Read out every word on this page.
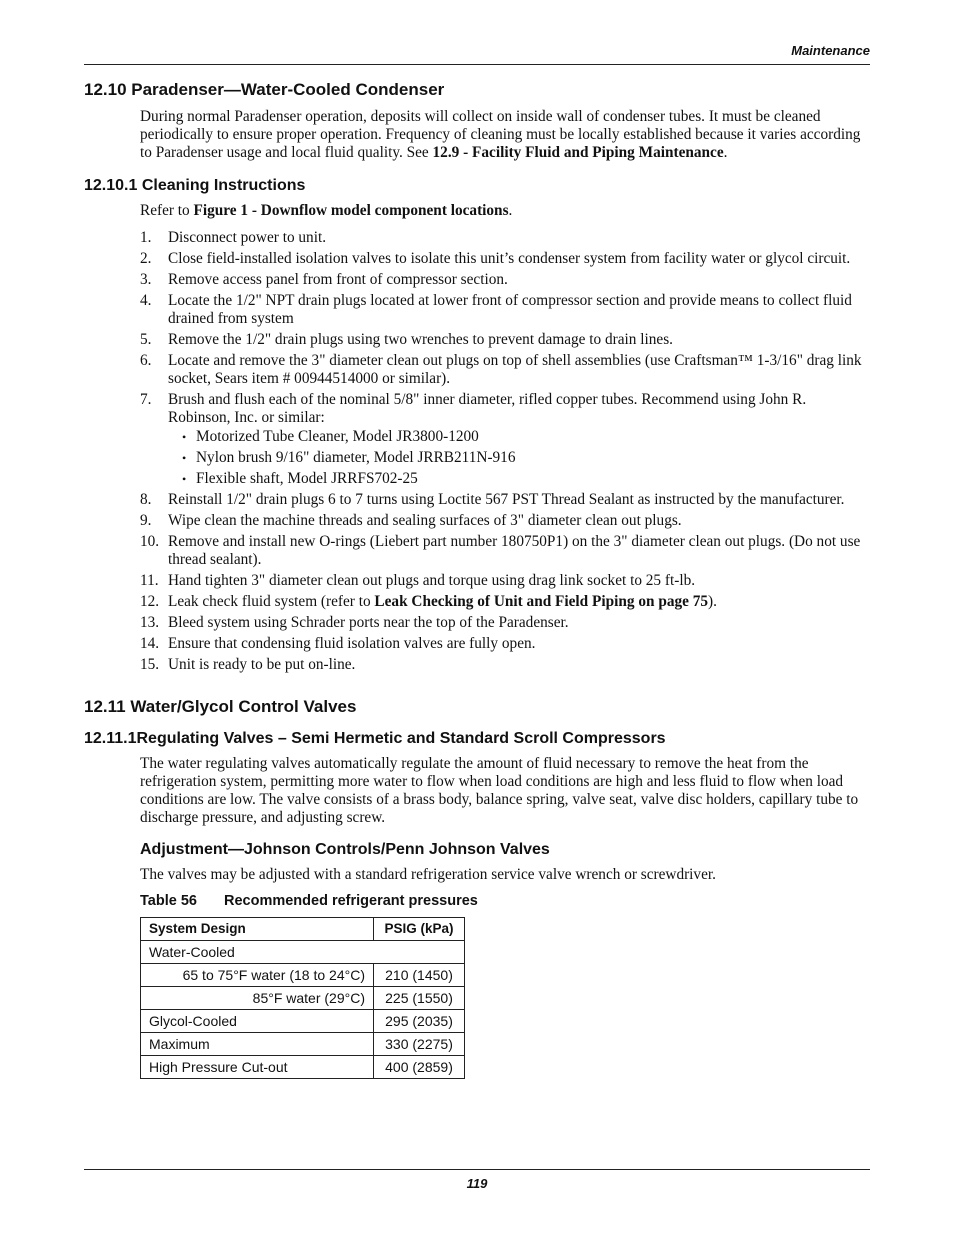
Maintenance
12.10 Paradenser—Water-Cooled Condenser

During normal Paradenser operation, deposits will collect on inside wall of condenser tubes. It must be cleaned periodically to ensure proper operation. Frequency of cleaning must be locally established because it varies according to Paradenser usage and local fluid quality. See 12.9 - Facility Fluid and Piping Maintenance.

12.10.1 Cleaning Instructions

Refer to Figure 1 - Downflow model component locations.

1. Disconnect power to unit.
2. Close field-installed isolation valves to isolate this unit’s condenser system from facility water or glycol circuit.
3. Remove access panel from front of compressor section.
4. Locate the 1/2" NPT drain plugs located at lower front of compressor section and provide means to collect fluid drained from system
5. Remove the 1/2" drain plugs using two wrenches to prevent damage to drain lines.
6. Locate and remove the 3" diameter clean out plugs on top of shell assemblies (use Craftsman™ 1-3/16" drag link socket, Sears item # 00944514000 or similar).
7. Brush and flush each of the nominal 5/8" inner diameter, rifled copper tubes. Recommend using John R. Robinson, Inc. or similar:
• Motorized Tube Cleaner, Model JR3800-1200
• Nylon brush 9/16" diameter, Model JRRB211N-916
• Flexible shaft, Model JRRFS702-25
8. Reinstall 1/2" drain plugs 6 to 7 turns using Loctite 567 PST Thread Sealant as instructed by the manufacturer.
9. Wipe clean the machine threads and sealing surfaces of 3" diameter clean out plugs.
10. Remove and install new O-rings (Liebert part number 180750P1) on the 3" diameter clean out plugs. (Do not use thread sealant).
11. Hand tighten 3" diameter clean out plugs and torque using drag link socket to 25 ft-lb.
12. Leak check fluid system (refer to Leak Checking of Unit and Field Piping on page 75).
13. Bleed system using Schrader ports near the top of the Paradenser.
14. Ensure that condensing fluid isolation valves are fully open.
15. Unit is ready to be put on-line.
12.11 Water/Glycol Control Valves
12.11.1Regulating Valves – Semi Hermetic and Standard Scroll Compressors

The water regulating valves automatically regulate the amount of fluid necessary to remove the heat from the refrigeration system, permitting more water to flow when load conditions are high and less fluid to flow when load conditions are low. The valve consists of a brass body, balance spring, valve seat, valve disc holders, capillary tube to discharge pressure, and adjusting screw.

Adjustment—Johnson Controls/Penn Johnson Valves

The valves may be adjusted with a standard refrigeration service valve wrench or screwdriver.

Table 56 Recommended refrigerant pressures
System Design	PSIG (kPa)
Water-Cooled	
65 to 75°F water (18 to 24°C)	210 (1450)
85°F water (29°C)	225 (1550)
Glycol-Cooled	295 (2035)
Maximum	330 (2275)
High Pressure Cut-out	400 (2859)
119
